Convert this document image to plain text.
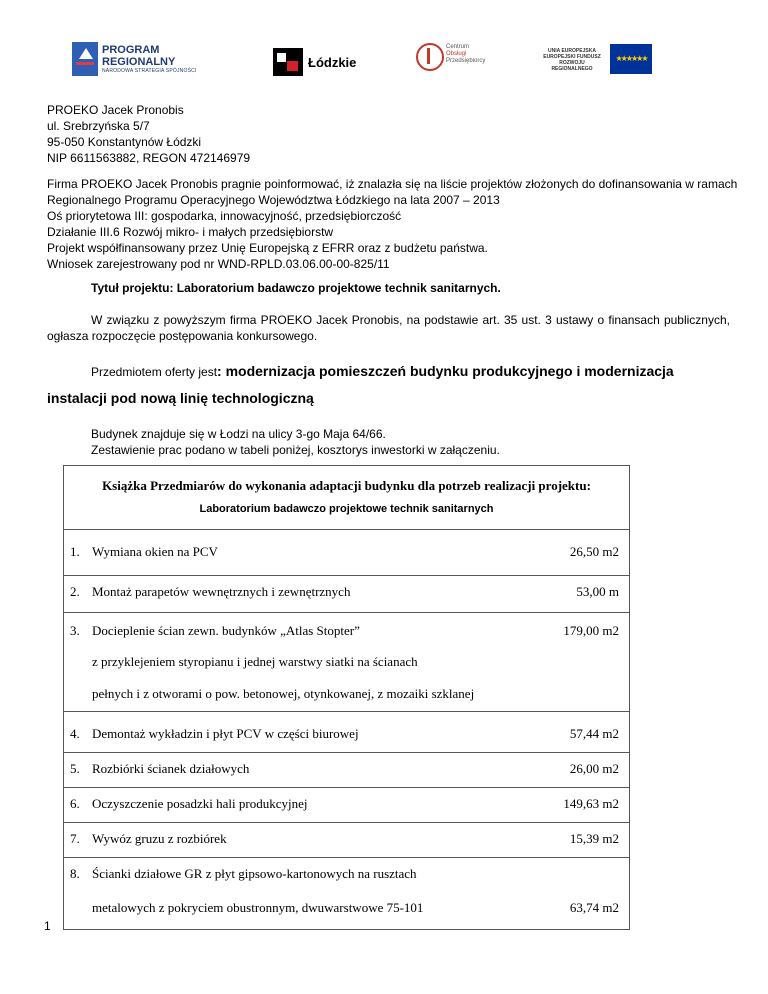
PROGRAM
REGIONALNY
NARODOWA STRATEGIA SPÓJNOŚCI
Łódzkie
Centrum
Obsługi
Przedsiębiorcy
UNIA EUROPEJSKA
EUROPEJSKI FUNDUSZ
ROZWOJU REGIONALNEGO
★★★★★★
PROEKO Jacek Pronobis
ul. Srebrzyńska 5/7
95-050 Konstantynów Łódzki
NIP 6611563882, REGON 472146979
Firma PROEKO Jacek Pronobis pragnie poinformować, iż znalazła się na liście projektów złożonych do dofinansowania w ramach
Regionalnego Programu Operacyjnego Województwa Łódzkiego na lata 2007 – 2013
Oś priorytetowa III: gospodarka, innowacyjność, przedsiębiorczość
Działanie III.6 Rozwój mikro- i małych przedsiębiorstw
Projekt współfinansowany przez Unię Europejską z EFRR oraz z budżetu państwa.
Wniosek zarejestrowany pod nr WND-RPLD.03.06.00-00-825/11
Tytuł projektu: Laboratorium badawczo projektowe technik sanitarnych.
W związku z powyższym firma PROEKO Jacek Pronobis, na podstawie art. 35 ust. 3 ustawy o finansach publicznych, ogłasza rozpoczęcie postępowania konkursowego.
Przedmiotem oferty jest: modernizacja pomieszczeń budynku produkcyjnego i modernizacja instalacji pod nową linię technologiczną
Budynek znajduje się w Łodzi na ulicy 3-go Maja 64/66.
Zestawienie prac podano w tabeli poniżej, kosztorys inwestorki w załączeniu.
Książka Przedmiarów do wykonania adaptacji budynku dla potrzeb realizacji projektu:
Laboratorium badawczo projektowe technik sanitarnych

1. Wymiana okien na PCV	26,50 m2

2. Montaż parapetów wewnętrznych i zewnętrznych	53,00 m

3. Docieplenie ścian zewn. budynków „Atlas Stopter”
z przyklejeniem styropianu i jednej warstwy siatki na ścianach
pełnych i z otworami o pow. betonowej, otynkowanej, z mozaiki szklanej
179,00 m2

4. Demontaż wykładzin i płyt PCV w części biurowej	57,44 m2

5. Rozbiórki ścianek działowych	26,00 m2

6. Oczyszczenie posadzki hali produkcyjnej	149,63 m2

7. Wywóz gruzu z rozbiórek	15,39 m2

8. Ścianki działowe GR z płyt gipsowo-kartonowych na rusztach
metalowych z pokryciem obustronnym, dwuwarstwowe 75-101	63,74 m2
1
